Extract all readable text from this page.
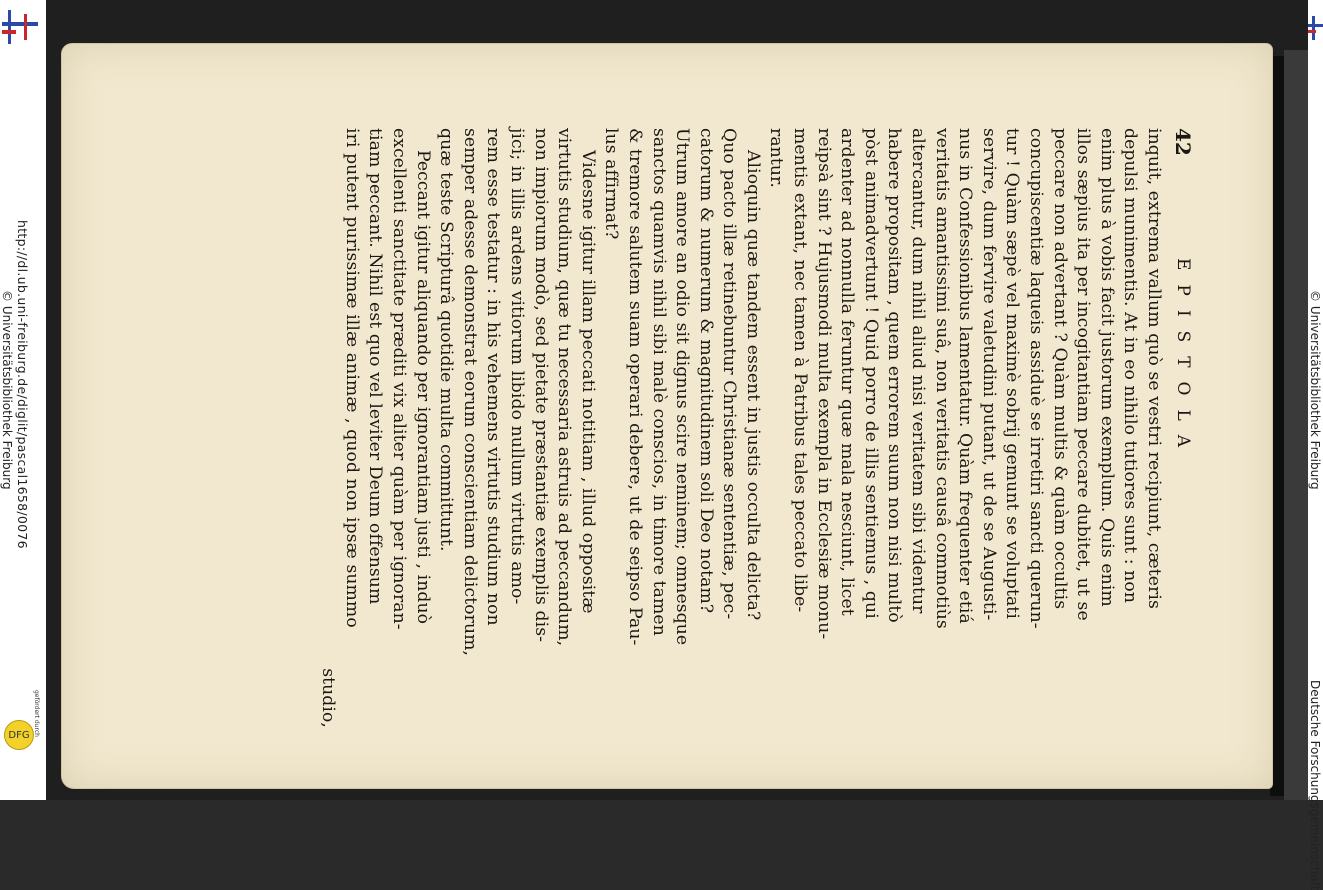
http://dl.ub.uni-freiburg.de/diglit/pascal1658/0076
© Universitätsbibliothek Freiburg
gefördert durch
DFG
42
EPISTOLA
inquit, extrema vallum quò se vestri recipiunt, cæteris
depulsi munimentis. At in eo nihilo tutiores sunt : non
enim plus à vobis facit justorum exemplum. Quis enim
illos sæpius ita per incogitantiam peccare dubitet, ut se
peccare non advertant ? Quàm multis & quàm occultis
concupiscentiæ laqueis assiduè se irretiri sancti querun-
tur ! Quàm sæpè vel maximè sobrij gemunt se voluptati
servire, dum fervire valetudini putant, ut de se Augusti-
nus in Confessionibus lamentatur. Quàm frequenter etiá
veritatis amantissimi suâ, non veritatis causâ commotiùs
altercantur, dum nihil aliud nisi veritatem sibi videntur
habere propositam , quem errorem suum non nisi multò
pòst animadvertunt ! Quid porro de illis sentiemus , qui
ardenter ad nonnulla feruntur quæ mala nesciunt, licet
reipsà sint ? Hujusmodi multa exempla in Ecclesiæ monu-
mentis extant, nec tamen à Patribus tales peccato libe-
rantur.
Alioquin quæ tandem essent in justis occulta delicta?
Quo pacto illæ retinebuntur Christianæ sententiæ, pec-
catorum & numerum & magnitudinem soli Deo notam?
Utrum amore an odio sit dignus scire neminem; omnesque
sanctos quamvis nihil sibi malè conscios, in timore tamen
& tremore salutem suam operari debere, ut de seipso Pau-
lus affirmat?
Videsne igitur illam peccati notitiam , illud oppositæ
virtutis studium, quæ tu necessaria astruis ad peccandum,
non impiorum modò, sed pietate præstantiæ exemplis dis-
jici; in illis ardens vitiorum libido nullum virtutis amo-
rem esse testatur : in his vehemens virtutis studium non
semper adesse demonstrat eorum conscientiam delictorum,
quæ teste Scripturâ quotidie multa committunt.
Peccant igitur aliquando per ignorantiam justi , induò
excellenti sanctitate præditi vix aliter quàm per ignoran-
tiam peccant. Nihil est quo vel leviter Deum offensum
iri putent purissimæ illæ animæ , quod non ipsæ summo
studio,
© Universitätsbibliothek Freiburg
Deutsche Forschungsgemeinschaft
